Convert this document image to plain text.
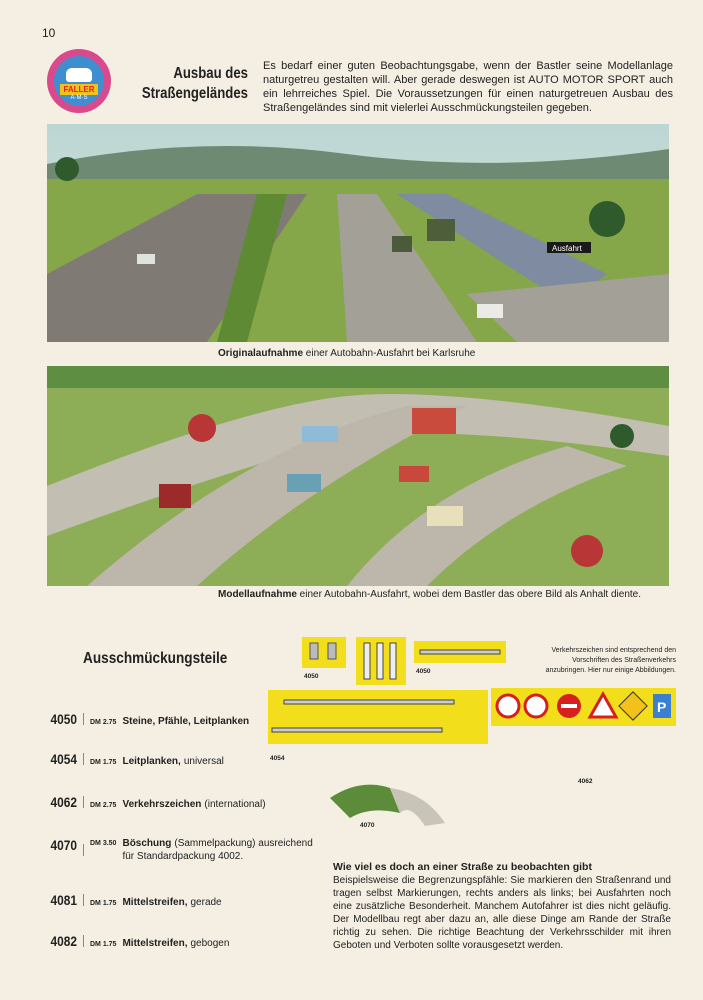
10
FALLER
A·M·S
Ausbau des
Straßengeländes
Es bedarf einer guten Beobachtungsgabe, wenn der Bastler seine Modellanlage naturgetreu gestalten will. Aber gerade deswegen ist AUTO MOTOR SPORT auch ein lehrreiches Spiel. Die Voraussetzungen für einen naturgetreuen Ausbau des Straßengeländes sind mit vielerlei Ausschmückungsteilen gegeben.
Ausfahrt
Originalaufnahme einer Autobahn-Ausfahrt bei Karlsruhe
Modellaufnahme einer Autobahn-Ausfahrt, wobei dem Bastler das obere Bild als Anhalt diente.
Ausschmückungsteile	Verkehrszeichen sind entsprechend den Vorschriften des Straßenverkehrs anzubringen. Hier nur einige Abbildungen.
4050
4050
4054
P
4062
4070
4050 DM 2.75 Steine, Pfähle, Leitplanken
4054 DM 1.75 Leitplanken, universal
4062 DM 2.75 Verkehrszeichen (international)
4070 DM 3.50 Böschung (Sammelpackung) ausreichend
für Standardpackung 4002.
4081 DM 1.75 Mittelstreifen, gerade
4082 DM 1.75 Mittelstreifen, gebogen
Wie viel es doch an einer Straße zu beobachten gibt
Beispielsweise die Begrenzungspfähle: Sie markieren den Straßenrand und tragen selbst Markierungen, rechts anders als links; bei Ausfahrten noch eine zusätzliche Besonderheit. Manchem Autofahrer ist dies nicht geläufig. Der Modellbau regt aber dazu an, alle diese Dinge am Rande der Straße richtig zu sehen. Die richtige Beachtung der Verkehrsschilder mit ihren Geboten und Verboten sollte vorausgesetzt werden.
